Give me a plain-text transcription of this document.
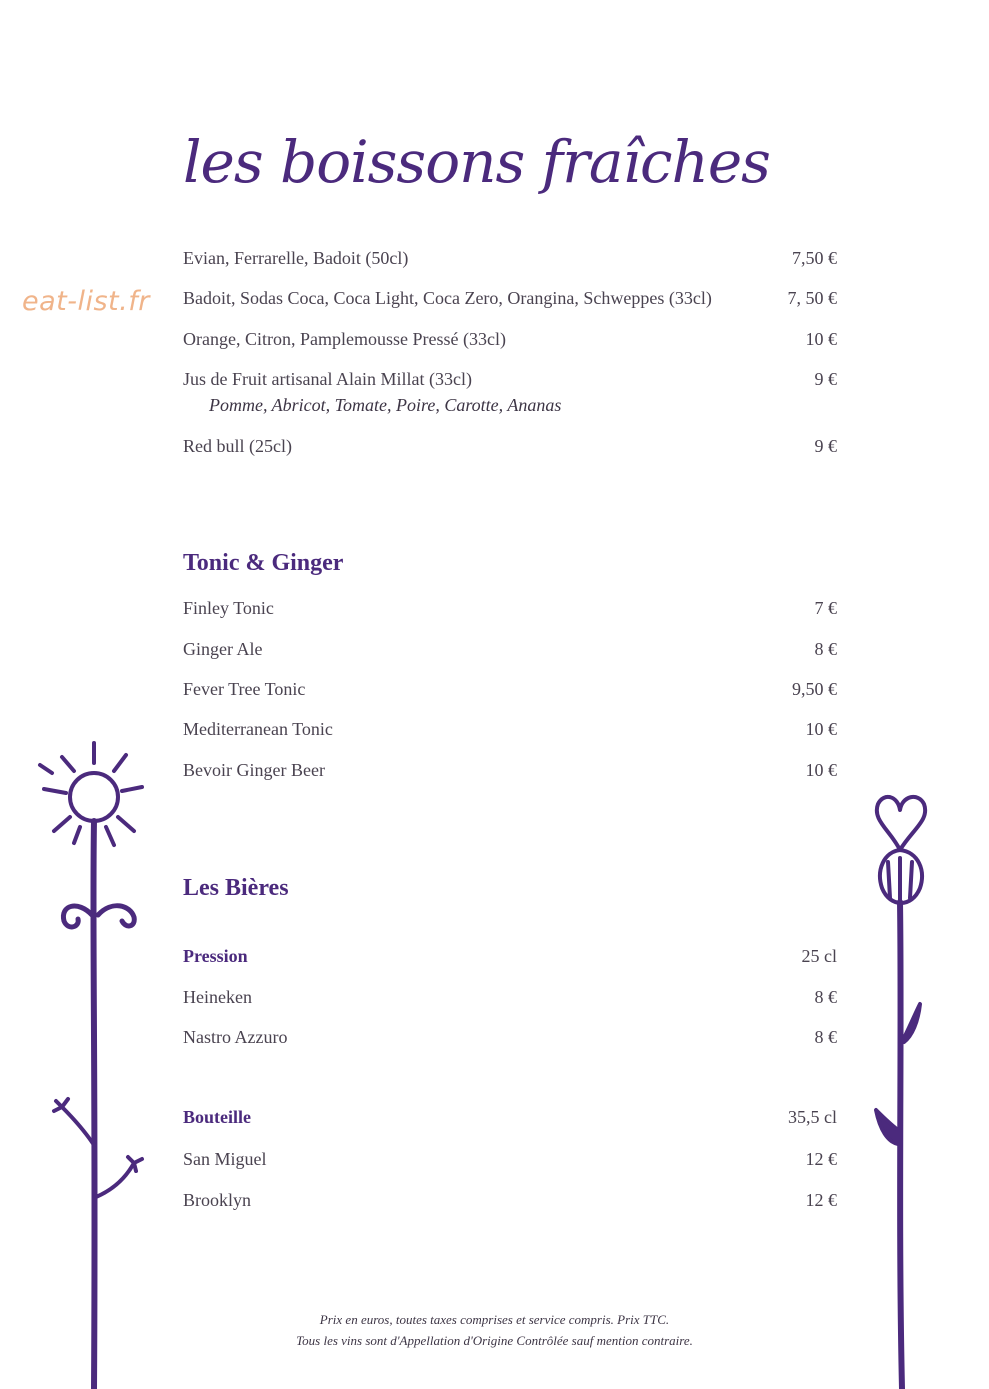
eat-list.fr
les boissons fraîches
Evian, Ferrarelle, Badoit (50cl)	7,50 €
Badoit, Sodas Coca, Coca Light, Coca Zero, Orangina, Schweppes (33cl)	7, 50 €
Orange, Citron, Pamplemousse Pressé (33cl)	10 €
Jus de Fruit artisanal Alain Millat (33cl)	9 €
Pomme, Abricot, Tomate, Poire, Carotte, Ananas
Red bull (25cl)	9 €
Tonic & Ginger
Finley Tonic	7 €
Ginger Ale	8 €
Fever Tree Tonic	9,50 €
Mediterranean Tonic	10 €
Bevoir Ginger Beer	10 €
Les Bières
Pression	25 cl
Heineken	8 €
Nastro Azzuro	8 €
Bouteille	35,5 cl
San Miguel	12 €
Brooklyn	12 €
Prix en euros, toutes taxes comprises et service compris. Prix TTC.
Tous les vins sont d'Appellation d'Origine Contrôlée sauf mention contraire.
